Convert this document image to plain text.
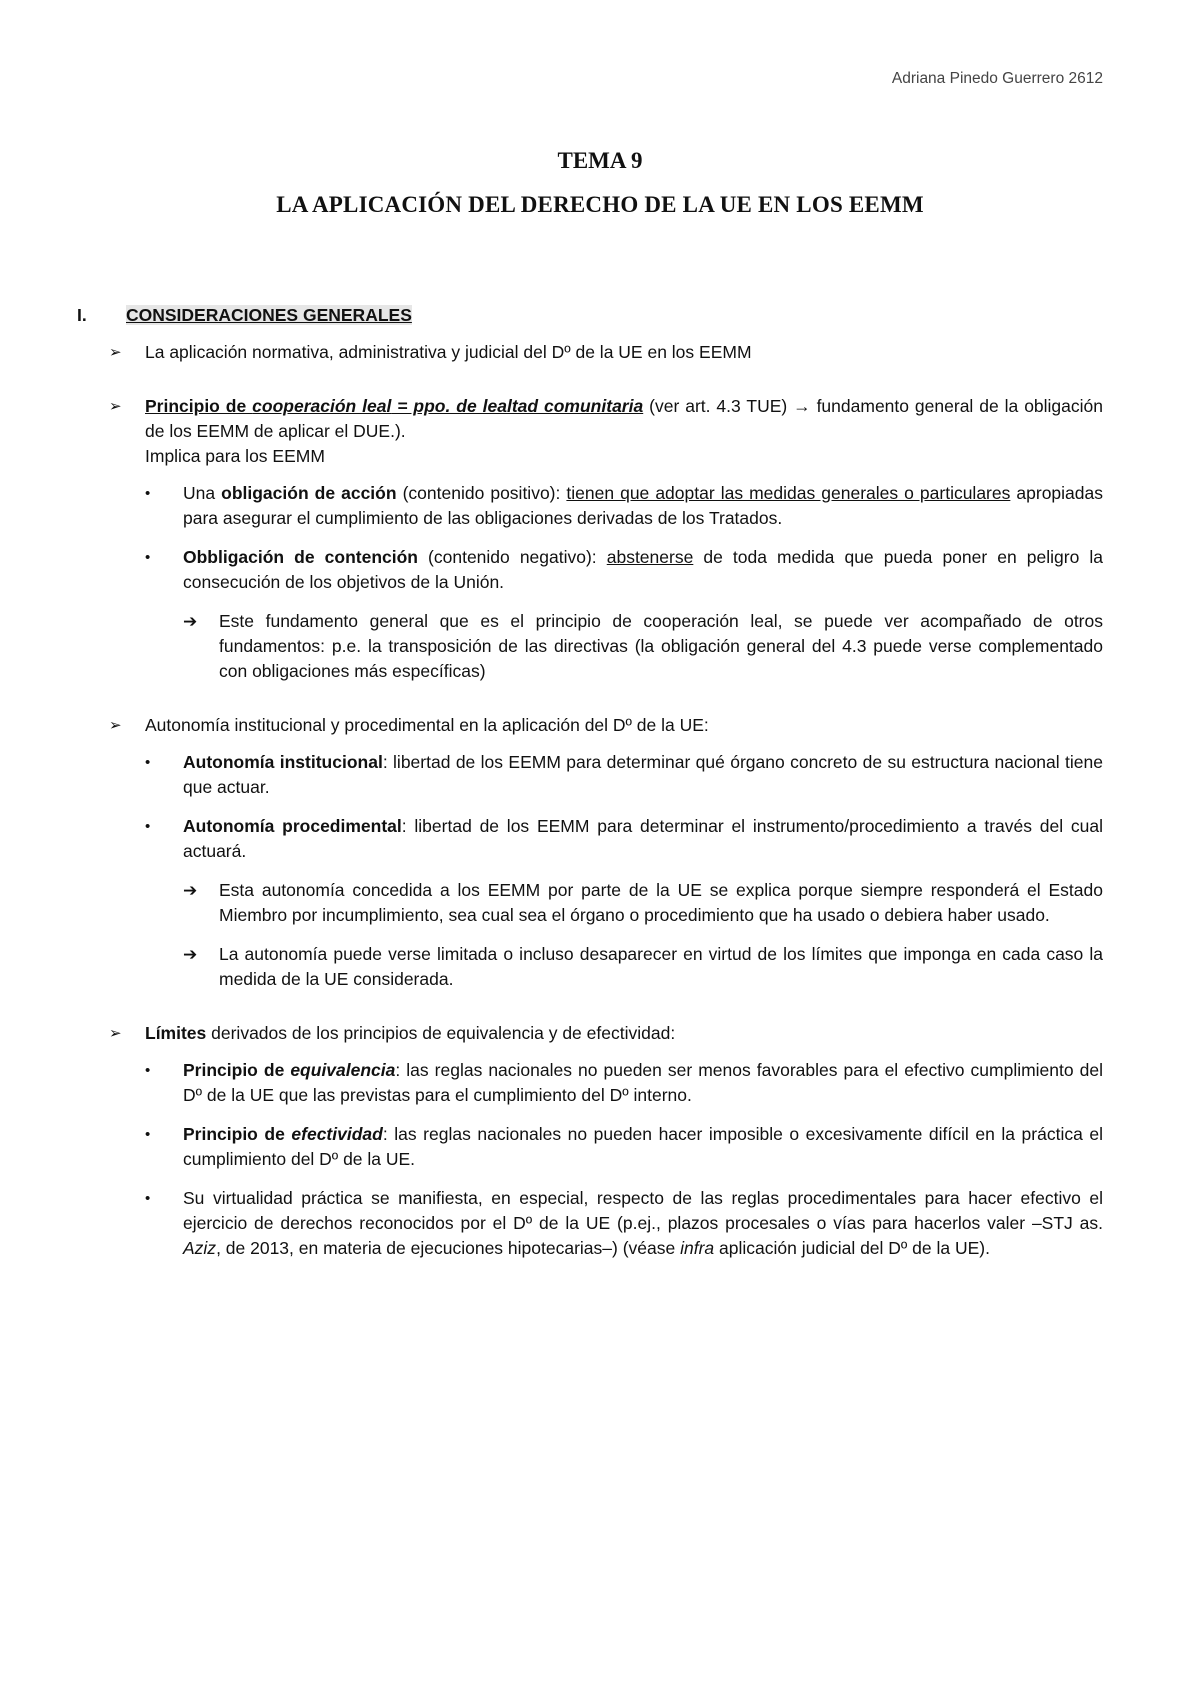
Adriana Pinedo Guerrero 2612
TEMA 9
LA APLICACIÓN DEL DERECHO DE LA UE EN LOS EEMM
I. CONSIDERACIONES GENERALES
➢ La aplicación normativa, administrativa y judicial del Dº de la UE en los EEMM
➢ Principio de cooperación leal = ppo. de lealtad comunitaria (ver art. 4.3 TUE) → fundamento general de la obligación de los EEMM de aplicar el DUE.).
Implica para los EEMM
• Una obligación de acción (contenido positivo): tienen que adoptar las medidas generales o particulares apropiadas para asegurar el cumplimiento de las obligaciones derivadas de los Tratados.
• Obbligación de contención (contenido negativo): abstenerse de toda medida que pueda poner en peligro la consecución de los objetivos de la Unión.
➔ Este fundamento general que es el principio de cooperación leal, se puede ver acompañado de otros fundamentos: p.e. la transposición de las directivas (la obligación general del 4.3 puede verse complementado con obligaciones más específicas)
➢ Autonomía institucional y procedimental en la aplicación del Dº de la UE:
• Autonomía institucional: libertad de los EEMM para determinar qué órgano concreto de su estructura nacional tiene que actuar.
• Autonomía procedimental: libertad de los EEMM para determinar el instrumento/procedimiento a través del cual actuará.
➔ Esta autonomía concedida a los EEMM por parte de la UE se explica porque siempre responderá el Estado Miembro por incumplimiento, sea cual sea el órgano o procedimiento que ha usado o debiera haber usado.
➔ La autonomía puede verse limitada o incluso desaparecer en virtud de los límites que imponga en cada caso la medida de la UE considerada.
➢ Límites derivados de los principios de equivalencia y de efectividad:
• Principio de equivalencia: las reglas nacionales no pueden ser menos favorables para el efectivo cumplimiento del Dº de la UE que las previstas para el cumplimiento del Dº interno.
• Principio de efectividad: las reglas nacionales no pueden hacer imposible o excesivamente difícil en la práctica el cumplimiento del Dº de la UE.
• Su virtualidad práctica se manifiesta, en especial, respecto de las reglas procedimentales para hacer efectivo el ejercicio de derechos reconocidos por el Dº de la UE (p.ej., plazos procesales o vías para hacerlos valer –STJ as. Aziz, de 2013, en materia de ejecuciones hipotecarias–) (véase infra aplicación judicial del Dº de la UE).
